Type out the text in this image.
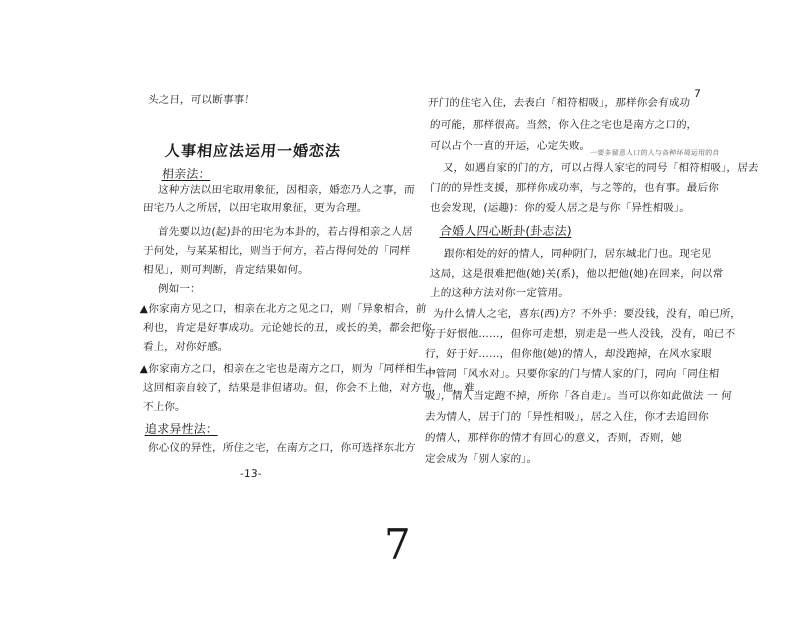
头之日，可以断事事！
人事相应法运用一婚恋法
相亲法：
这种方法以田宅取用象征，因相亲，婚恋乃人之事，而
田宅乃人之所居，以田宅取用象征，更为合理。
首先要以边(起)卦的田宅为本卦的，若占得相亲之人居
于何处，与某某相比，则当于何方，若占得何处的「同样
相见」，则可判断，肯定结果如何。
例如一：
▲你家南方见之口，相亲在北方之见之口，则「异象相合，前
利也，肯定是好事成功。元论她长的丑，或长的美，都会把你
看上，对你好感。
▲你家南方之口，相亲在之宅也是南方之口，则为「同样相生」。
这回相亲自较了，结果是非但诸功。但，你会不上他，对方也，他，难
不上你。
追求异性法：
你心仪的异性，所住之宅，在南方之口，你可选择东北方
-13-
7
开门的住宅入住，去表白「相符相吸」，那样你会有成功
的可能，那样很高。当然，你入住之宅也是南方之口的，
可以占个一直的开运，心定失败。
一要多留意人口的人与各种环境运用的自
又，如遇自家的门的方，可以占得人家宅的同号「相符相吸」，居去
门的的异性支援，那样你成功率，与之等的，也有事。最后你
也会发现，(运趣)：你的爱人居之是与你「异性相吸」。
合婚人四心断卦(卦志法)
跟你相处的好的情人，同种阴门，居东城北门也。现宅见
这局，这是很难把他(她)关(系)，他以把他(她)在回来，问以常
上的这种方法对你一定管用。
为什么情人之宅，喜东(西)方？不外乎：要没钱，没有，咱已所，
好于好恨他……，但你可走想，别走是一些人没钱，没有，咱已不
行，好于好……，但你他(她)的情人，却没跑掉，在风水家眼
中管同「风水对」。只要你家的门与情人家的门，同向「同住相
吸」，情人当定跑不掉，所你「各自走」。当可以你如此做法 一 何
去为情人，居于门的「异性相吸」，居之入住，你才去追回你
的情人，那样你的情才有回心的意义，否则，否则，她
定会成为「别人家的」。
7
